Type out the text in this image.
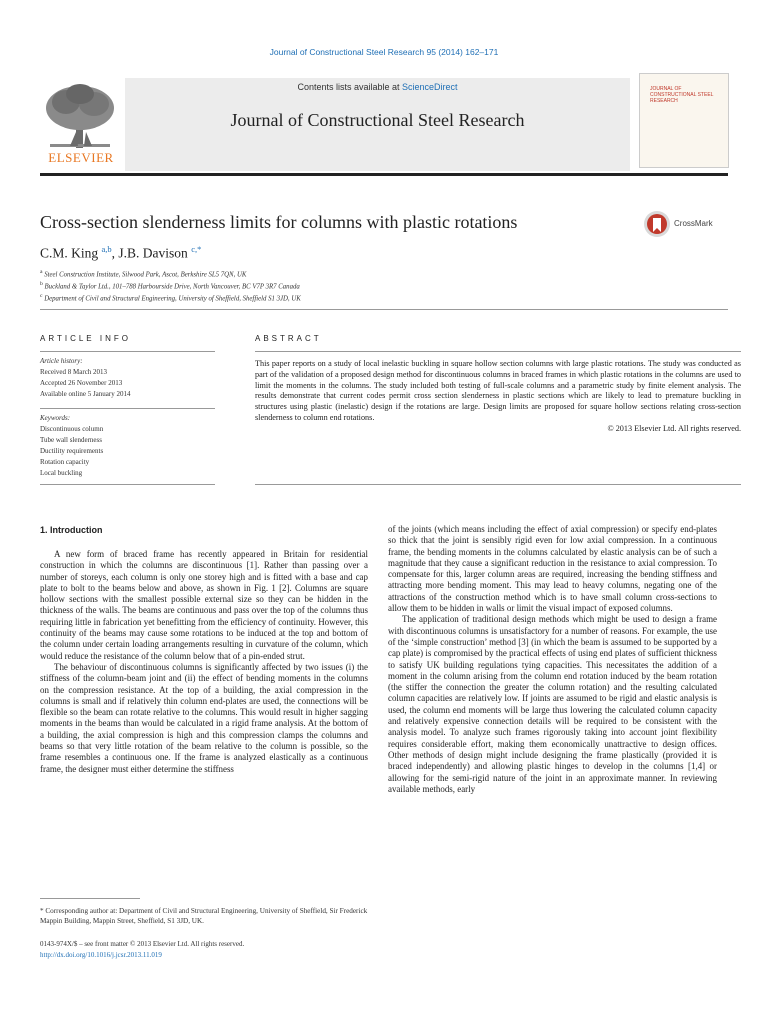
Journal of Constructional Steel Research 95 (2014) 162–171
Contents lists available at ScienceDirect
Journal of Constructional Steel Research
ELSEVIER
JOURNAL OF CONSTRUCTIONAL STEEL RESEARCH
Cross-section slenderness limits for columns with plastic rotations	CrossMark
C.M. King $^{a,b}$, J.B. Davison $^{c,*}$
$^a$ Steel Construction Institute, Silwood Park, Ascot, Berkshire SL5 7QN, UK
$^b$ Buckland & Taylor Ltd., 101–788 Harbourside Drive, North Vancouver, BC V7P 3R7 Canada
$^c$ Department of Civil and Structural Engineering, University of Sheffield, Sheffield S1 3JD, UK
ARTICLE INFO
Article history:
Received 8 March 2013
Accepted 26 November 2013
Available online 5 January 2014
Keywords:
Discontinuous column
Tube wall slenderness
Ductility requirements
Rotation capacity
Local buckling
ABSTRACT
This paper reports on a study of local inelastic buckling in square hollow section columns with large plastic rotations. The study was conducted as part of the validation of a proposed design method for discontinuous columns in braced frames in which plastic rotations in the columns are used to limit the moments in the columns. The study included both testing of full-scale columns and a parametric study by finite element analysis. The results demonstrate that current codes permit cross section slenderness in plastic sections which are likely to lead to premature buckling in structures using plastic (inelastic) design if the rotations are large. Design limits are proposed for square hollow sections relating cross-section slenderness to column end rotations.
© 2013 Elsevier Ltd. All rights reserved.
1. Introduction

A new form of braced frame has recently appeared in Britain for residential construction in which the columns are discontinuous [1]. Rather than passing over a number of storeys, each column is only one storey high and is fitted with a base and cap plate to bolt to the beams below and above, as shown in Fig. 1 [2]. Columns are square hollow sections with the smallest possible external size so they can be hidden in the thickness of the walls. The beams are continuous and pass over the top of the columns thus requiring little in fabrication yet benefitting from the efficiency of continuity. However, this continuity of the beams may cause some rotations to be induced at the top and bottom of the column under certain loading arrangements resulting in curvature of the column, which would reduce the resistance of the column below that of a pin-ended strut.

The behaviour of discontinuous columns is significantly affected by two issues (i) the stiffness of the column-beam joint and (ii) the effect of bending moments in the columns on the compression resistance. At the top of a building, the axial compression in the columns is small and if relatively thin column end-plates are used, the connections will be flexible so the beam can rotate relative to the columns. This would result in higher sagging moments in the beams than would be calculated in a rigid frame analysis. At the bottom of a building, the axial compression is high and this compression clamps the columns and beams so that very little rotation of the beam relative to the column is possible, so the frame resembles a continuous one. If the frame is analyzed elastically as a continuous frame, the designer must either determine the stiffness

of the joints (which means including the effect of axial compression) or specify end-plates so thick that the joint is sensibly rigid even for low axial compression. In a continuous frame, the bending moments in the columns calculated by elastic analysis can be of such a magnitude that they cause a significant reduction in the resistance to axial compression. To compensate for this, larger column areas are required, increasing the bending stiffness and attracting more bending moment. This may lead to heavy columns, negating one of the attractions of the construction method which is to have small column cross-sections to allow them to be hidden in walls or limit the visual impact of exposed columns.

The application of traditional design methods which might be used to design a frame with discontinuous columns is unsatisfactory for a number of reasons. For example, the use of the ‘simple construction’ method [3] (in which the beam is assumed to be supported by a cap plate) is compromised by the practical effects of using end plates of sufficient thickness to satisfy UK building regulations tying capacities. This necessitates the addition of a moment in the column arising from the column end rotation induced by the beam rotation (the stiffer the connection the greater the column rotation) and the resulting calculated column capacities are relatively low. If joints are assumed to be rigid and elastic analysis is used, the column end moments will be large thus lowering the calculated column capacity and relatively expensive connection details will be required to be consistent with the analysis model. To analyze such frames rigorously taking into account joint flexibility requires considerable effort, making them economically unattractive to design offices. Other methods of design might include designing the frame plastically (provided it is braced independently) and allowing plastic hinges to develop in the columns [1,4] or allowing for the semi-rigid nature of the joint in an approximate manner. In reviewing available methods, early

* Corresponding author at: Department of Civil and Structural Engineering, University of Sheffield, Sir Frederick Mappin Building, Mappin Street, Sheffield, S1 3JD, UK.
0143-974X/$ – see front matter © 2013 Elsevier Ltd. All rights reserved.
http://dx.doi.org/10.1016/j.jcsr.2013.11.019
